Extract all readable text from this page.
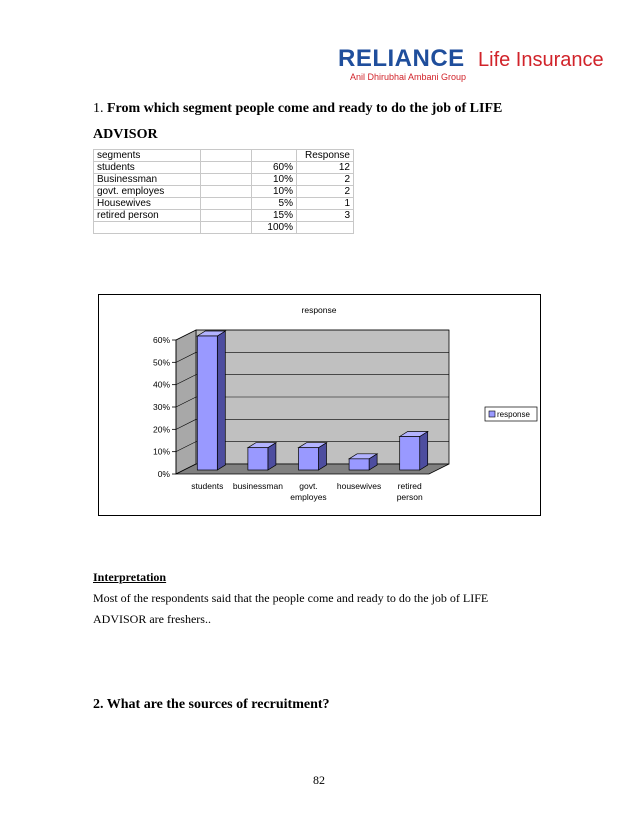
RELIANCE Life Insurance
Anil Dhirubhai Ambani Group
1. From which segment people come and ready to do the job of LIFE ADVISOR
segments			Response
students		60%	12
Businessman		10%	2
govt. employes		10%	2
Housewives		5%	1
retired person		15%	3
		100%	
0%
10%
20%
30%
40%
50%
60%
students businessman govt.
employes
housewives retired
person
response
response
Interpretation
Most of the respondents said that the people come and ready to do the job of LIFE ADVISOR are freshers..
2. What are the sources of recruitment?
82
